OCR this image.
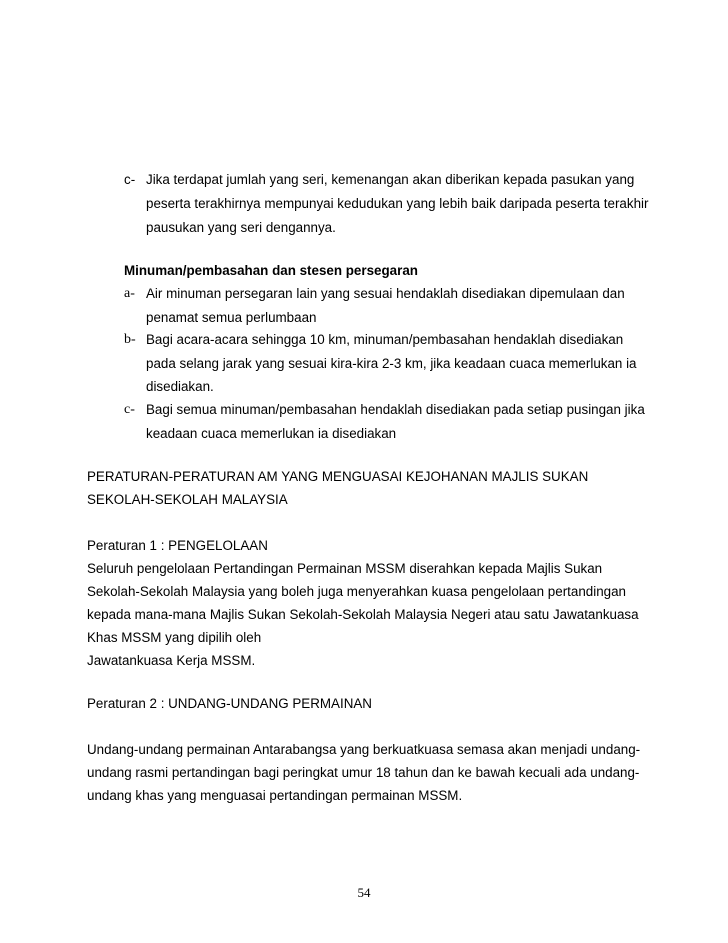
c- Jika terdapat jumlah yang seri, kemenangan akan diberikan kepada pasukan yang
peserta terakhirnya mempunyai kedudukan yang lebih baik daripada peserta terakhir
pausukan yang seri dengannya.
Minuman/pembasahan dan stesen persegaran
a- Air minuman persegaran lain yang sesuai hendaklah disediakan dipemulaan dan
penamat semua perlumbaan
b- Bagi acara-acara sehingga 10 km, minuman/pembasahan hendaklah disediakan
pada selang jarak yang sesuai kira-kira 2-3 km, jika keadaan cuaca memerlukan ia
disediakan.
c- Bagi semua minuman/pembasahan hendaklah disediakan pada setiap pusingan jika
keadaan cuaca memerlukan ia disediakan
PERATURAN-PERATURAN AM YANG MENGUASAI KEJOHANAN MAJLIS SUKAN
SEKOLAH-SEKOLAH MALAYSIA
Peraturan 1 : PENGELOLAAN
Seluruh pengelolaan Pertandingan Permainan MSSM diserahkan kepada Majlis Sukan
Sekolah-Sekolah Malaysia yang boleh juga menyerahkan kuasa pengelolaan pertandingan
kepada mana-mana Majlis Sukan Sekolah-Sekolah Malaysia Negeri atau satu Jawatankuasa
Khas MSSM yang dipilih oleh
Jawatankuasa Kerja MSSM.
Peraturan 2 : UNDANG-UNDANG PERMAINAN
Undang-undang permainan Antarabangsa yang berkuatkuasa semasa akan menjadi undang-
undang rasmi pertandingan bagi peringkat umur 18 tahun dan ke bawah kecuali ada undang-
undang khas yang menguasai pertandingan permainan MSSM.
54
